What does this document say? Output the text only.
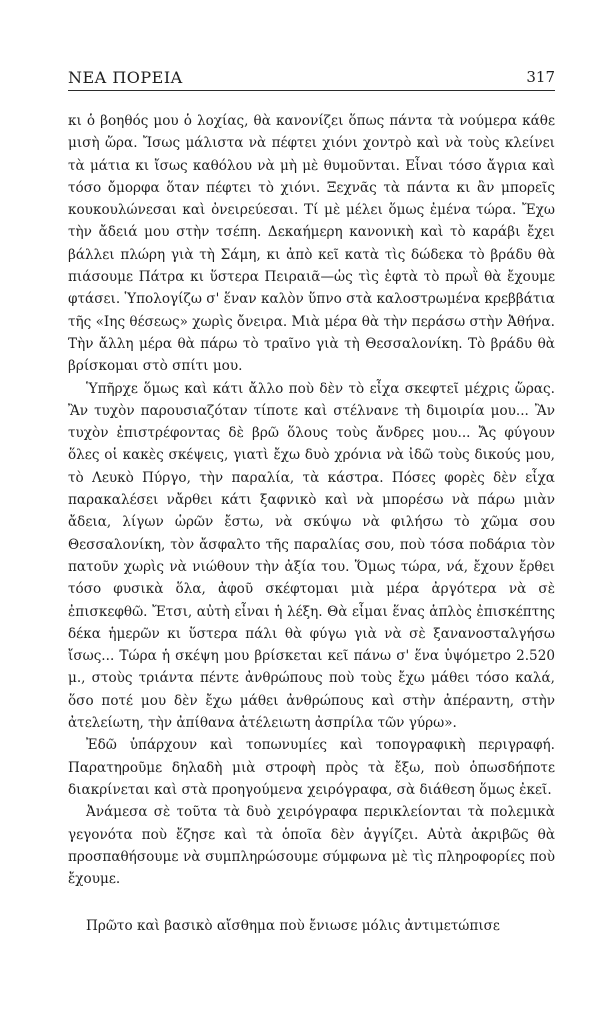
ΝΕΑ ΠΟΡΕΙΑ	317

κι ὁ βοηθός μου ὁ λοχίας, θὰ κανονίζει ὅπως πάντα τὰ νούμερα κάθε μισὴ ὥρα. Ἴσως μάλιστα νὰ πέφτει χιόνι χοντρὸ καὶ νὰ τοὺς κλείνει τὰ μάτια κι ἴσως καθόλου νὰ μὴ μὲ θυμοῦνται. Εἶναι τόσο ἄγρια καὶ τόσο ὄμορφα ὅταν πέφτει τὸ χιόνι. Ξεχνᾶς τὰ πάντα κι ἂν μπορεῖς κουκουλώνεσαι καὶ ὀνειρεύεσαι. Τί μὲ μέλει ὅμως ἐμένα τώρα. Ἔχω τὴν ἄδειά μου στὴν τσέπη. Δεκαήμερη κανονικὴ καὶ τὸ καράβι ἔχει βάλλει πλώρη γιὰ τὴ Σάμη, κι ἀπὸ κεῖ κατὰ τὶς δώδεκα τὸ βράδυ θὰ πιάσουμε Πάτρα κι ὕστερα Πειραιᾶ—ὡς τὶς ἑφτὰ τὸ πρωῒ θὰ ἔχουμε φτάσει. Ὑπολογίζω σ' ἕναν καλὸν ὕπνο στὰ καλοστρωμένα κρεββάτια τῆς «Ιης θέσεως» χωρὶς ὄνειρα. Μιὰ μέρα θὰ τὴν περάσω στὴν Ἀθήνα. Τὴν ἄλλη μέρα θὰ πάρω τὸ τραῖνο γιὰ τὴ Θεσσαλονίκη. Τὸ βράδυ θὰ βρίσκομαι στὸ σπίτι μου.

Ὑπῆρχε ὅμως καὶ κάτι ἄλλο ποὺ δὲν τὸ εἶχα σκεφτεῖ μέχρις ὥρας. Ἂν τυχὸν παρουσιαζόταν τίποτε καὶ στέλνανε τὴ διμοιρία μου... Ἂν τυχὸν ἐπιστρέφοντας δὲ βρῶ ὅλους τοὺς ἄνδρες μου... Ἄς φύγουν ὅλες οἱ κακὲς σκέψεις, γιατὶ ἔχω δυὸ χρόνια νὰ ἰδῶ τοὺς δικούς μου, τὸ Λευκὸ Πύργο, τὴν παραλία, τὰ κάστρα. Πόσες φορὲς δὲν εἶχα παρακαλέσει νἄρθει κάτι ξαφνικὸ καὶ νὰ μπορέσω νὰ πάρω μιὰν ἄδεια, λίγων ὡρῶν ἔστω, νὰ σκύψω νὰ φιλήσω τὸ χῶμα σου Θεσσαλονίκη, τὸν ἄσφαλτο τῆς παραλίας σου, ποὺ τόσα ποδάρια τὸν πατοῦν χωρὶς νὰ νιώθουν τὴν ἀξία του. Ὅμως τώρα, νά, ἔχουν ἔρθει τόσο φυσικὰ ὅλα, ἀφοῦ σκέφτομαι μιὰ μέρα ἀργότερα νὰ σὲ ἐπισκεφθῶ. Ἔτσι, αὐτὴ εἶναι ἡ λέξη. Θὰ εἶμαι ἕνας ἁπλὸς ἐπισκέπτης δέκα ἡμερῶν κι ὕστερα πάλι θὰ φύγω γιὰ νὰ σὲ ξανανοσταλγήσω ἴσως... Τώρα ἡ σκέψη μου βρίσκεται κεῖ πάνω σ' ἕνα ὑψόμετρο 2.520 μ., στοὺς τριάντα πέντε ἀνθρώπους ποὺ τοὺς ἔχω μάθει τόσο καλά, ὅσο ποτέ μου δὲν ἔχω μάθει ἀνθρώπους καὶ στὴν ἀπέραντη, στὴν ἀτελείωτη, τὴν ἀπίθανα ἀτέλειωτη ἀσπρίλα τῶν γύρω».

Ἐδῶ ὑπάρχουν καὶ τοπωνυμίες καὶ τοπογραφικὴ περιγραφή. Παρατηροῦμε δηλαδὴ μιὰ στροφὴ πρὸς τὰ ἔξω, ποὺ ὁπωσδήποτε διακρίνεται καὶ στὰ προηγούμενα χειρόγραφα, σὰ διάθεση ὅμως ἐκεῖ.

Ἀνάμεσα σὲ τοῦτα τὰ δυὸ χειρόγραφα περικλείονται τὰ πολεμικὰ γεγονότα ποὺ ἔζησε καὶ τὰ ὁποῖα δὲν ἀγγίζει. Αὐτὰ ἀκριβῶς θὰ προσπαθήσουμε νὰ συμπληρώσουμε σύμφωνα μὲ τὶς πληροφορίες ποὺ ἔχουμε.

Πρῶτο καὶ βασικὸ αἴσθημα ποὺ ἔνιωσε μόλις ἀντιμετώπισε
